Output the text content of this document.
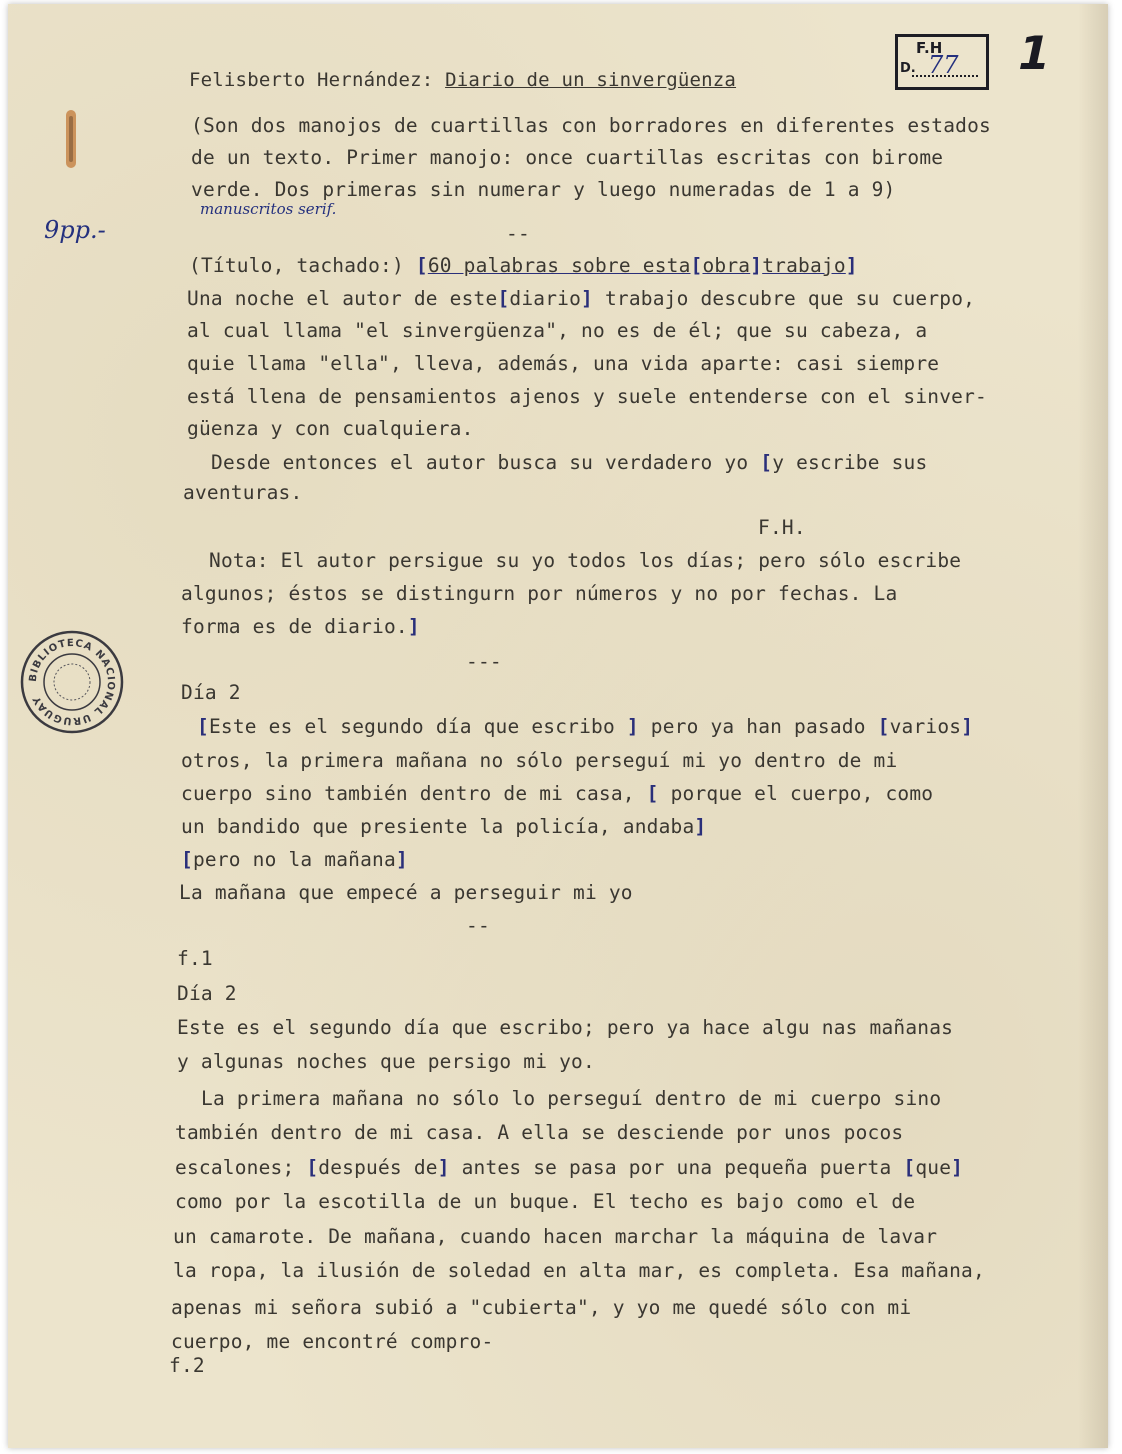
F.H
D. 77 1
9pp.-
manuscritos serif.
BIBLIOTECA NACIONAL URUGUAY
Felisberto Hernández: Diario de un sinvergüenza
(Son dos manojos de cuartillas con borradores en diferentes estados
de un texto. Primer manojo: once cuartillas escritas con birome
verde. Dos primeras sin numerar y luego numeradas de 1 a 9)
--
(Título, tachado:) [60 palabras sobre esta[obra]trabajo]
Una noche el autor de este[diario] trabajo descubre que su cuerpo,
al cual llama "el sinvergüenza", no es de él; que su cabeza, a
quie llama "ella", lleva, además, una vida aparte: casi siempre
está llena de pensamientos ajenos y suele entenderse con el sinver-
güenza y con cualquiera.
Desde entonces el autor busca su verdadero yo [y escribe sus
aventuras.
F.H.
Nota: El autor persigue su yo todos los días; pero sólo escribe
algunos; éstos se distingurn por números y no por fechas. La
forma es de diario.]
---
Día 2
[Este es el segundo día que escribo ] pero ya han pasado [varios]
otros, la primera mañana no sólo perseguí mi yo dentro de mi
cuerpo sino también dentro de mi casa, [ porque el cuerpo, como
un bandido que presiente la policía, andaba]
[pero no la mañana]
La mañana que empecé a perseguir mi yo
--
f.1
Día 2
Este es el segundo día que escribo; pero ya hace algu nas mañanas
y algunas noches que persigo mi yo.
La primera mañana no sólo lo perseguí dentro de mi cuerpo sino
también dentro de mi casa. A ella se desciende por unos pocos
escalones; [después de] antes se pasa por una pequeña puerta [que]
como por la escotilla de un buque. El techo es bajo como el de
un camarote. De mañana, cuando hacen marchar la máquina de lavar
la ropa, la ilusión de soledad en alta mar, es completa. Esa mañana,
apenas mi señora subió a "cubierta", y yo me quedé sólo con mi
cuerpo, me encontré compro-
f.2
